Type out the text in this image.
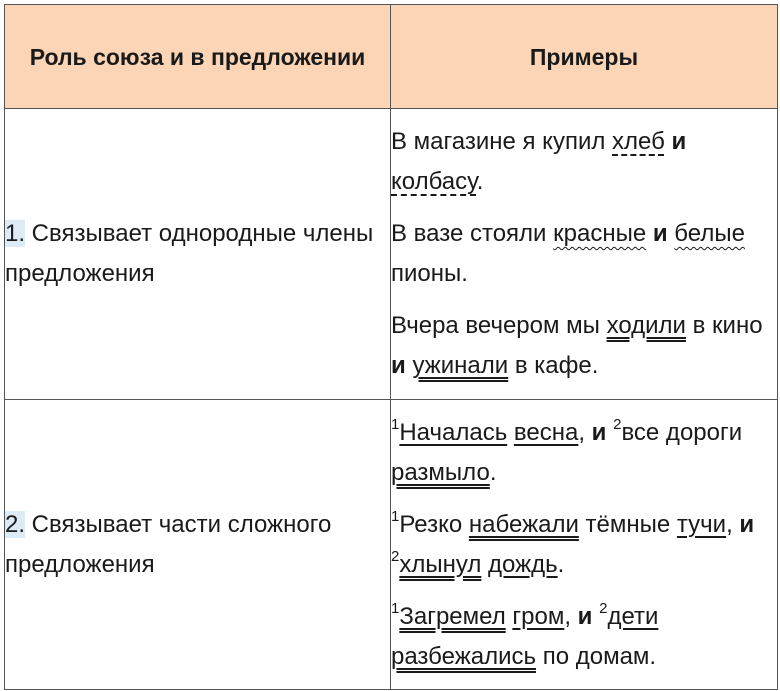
Роль союза и в предложении	Примеры
1. Связывает однородные члены предложения	В магазине я купил хлеб и колбасу.
В вазе стояли красные и белые пионы.
Вчера вечером мы ходили в кино и ужинали в кафе.

2. Связывает части сложного предложения	$^1$Началась весна, и $^2$все дороги размыло.
$^1$Резко набежали тёмные тучи, и $^2$хлынул дождь.
$^1$Загремел гром, и $^2$дети разбежались по домам.
